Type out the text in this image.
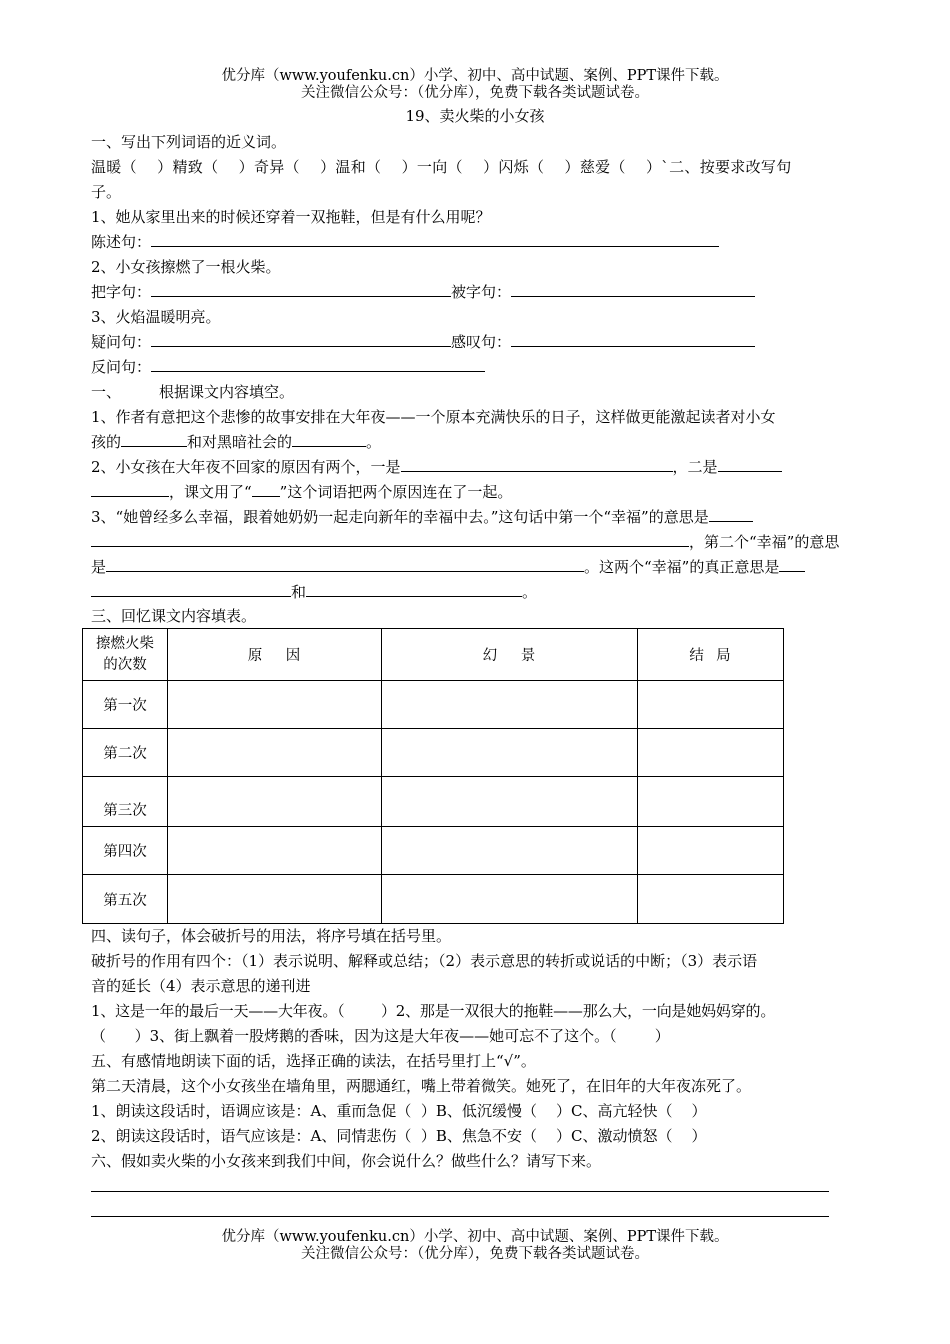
优分库（www.youfenku.cn）小学、初中、高中试题、案例、PPT课件下载。
关注微信公众号：（优分库），免费下载各类试题试卷。
19、卖火柴的小女孩
一、写出下列词语的近义词。
温暖（    ）精致（    ）奇异（    ）温和（    ）一向（    ）闪烁（    ）慈爱（    ）`二、按要求改写句
子。
1、她从家里出来的时候还穿着一双拖鞋，但是有什么用呢？
陈述句：
2、小女孩擦燃了一根火柴。
把字句：	被字句：
3、火焰温暖明亮。
疑问句：	感叹句：
反问句：
一、	根据课文内容填空。
1、作者有意把这个悲惨的故事安排在大年夜——一个原本充满快乐的日子，这样做更能激起读者对小女
孩的	和对黑暗社会的	。
2、小女孩在大年夜不回家的原因有两个，一是	，二是
，课文用了“ ”这个词语把两个原因连在了一起。
3、“她曾经多么幸福，跟着她奶奶一起走向新年的幸福中去。”这句话中第一个“幸福”的意思是
，第二个“幸福”的意思
是	。这两个“幸福”的真正意思是
和	。
三、回忆课文内容填表。
擦燃火柴
的次数	原    因	幻    景	结  局
第一次			
第二次			
第三次			
第四次			
第五次			
四、读句子，体会破折号的用法，将序号填在括号里。
破折号的作用有四个：（1）表示说明、解释或总结；（2）表示意思的转折或说话的中断；（3）表示语
音的延长（4）表示意思的递刊进
1、这是一年的最后一天——大年夜。（        ）2、那是一双很大的拖鞋——那么大，一向是她妈妈穿的。
（      ）3、街上飘着一股烤鹅的香味，因为这是大年夜——她可忘不了这个。（        ）
五、有感情地朗读下面的话，选择正确的读法，在括号里打上“√”。
第二天清晨，这个小女孩坐在墙角里，两腮通红，嘴上带着微笑。她死了，在旧年的大年夜冻死了。
1、朗读这段话时，语调应该是：A、重而急促（  ）B、低沉缓慢（    ）C、高亢轻快（    ）
2、朗读这段话时，语气应该是：A、同情悲伤（  ）B、焦急不安（    ）C、激动愤怒（    ）
六、假如卖火柴的小女孩来到我们中间，你会说什么？做些什么？请写下来。
优分库（www.youfenku.cn）小学、初中、高中试题、案例、PPT课件下载。
关注微信公众号：（优分库），免费下载各类试题试卷。
